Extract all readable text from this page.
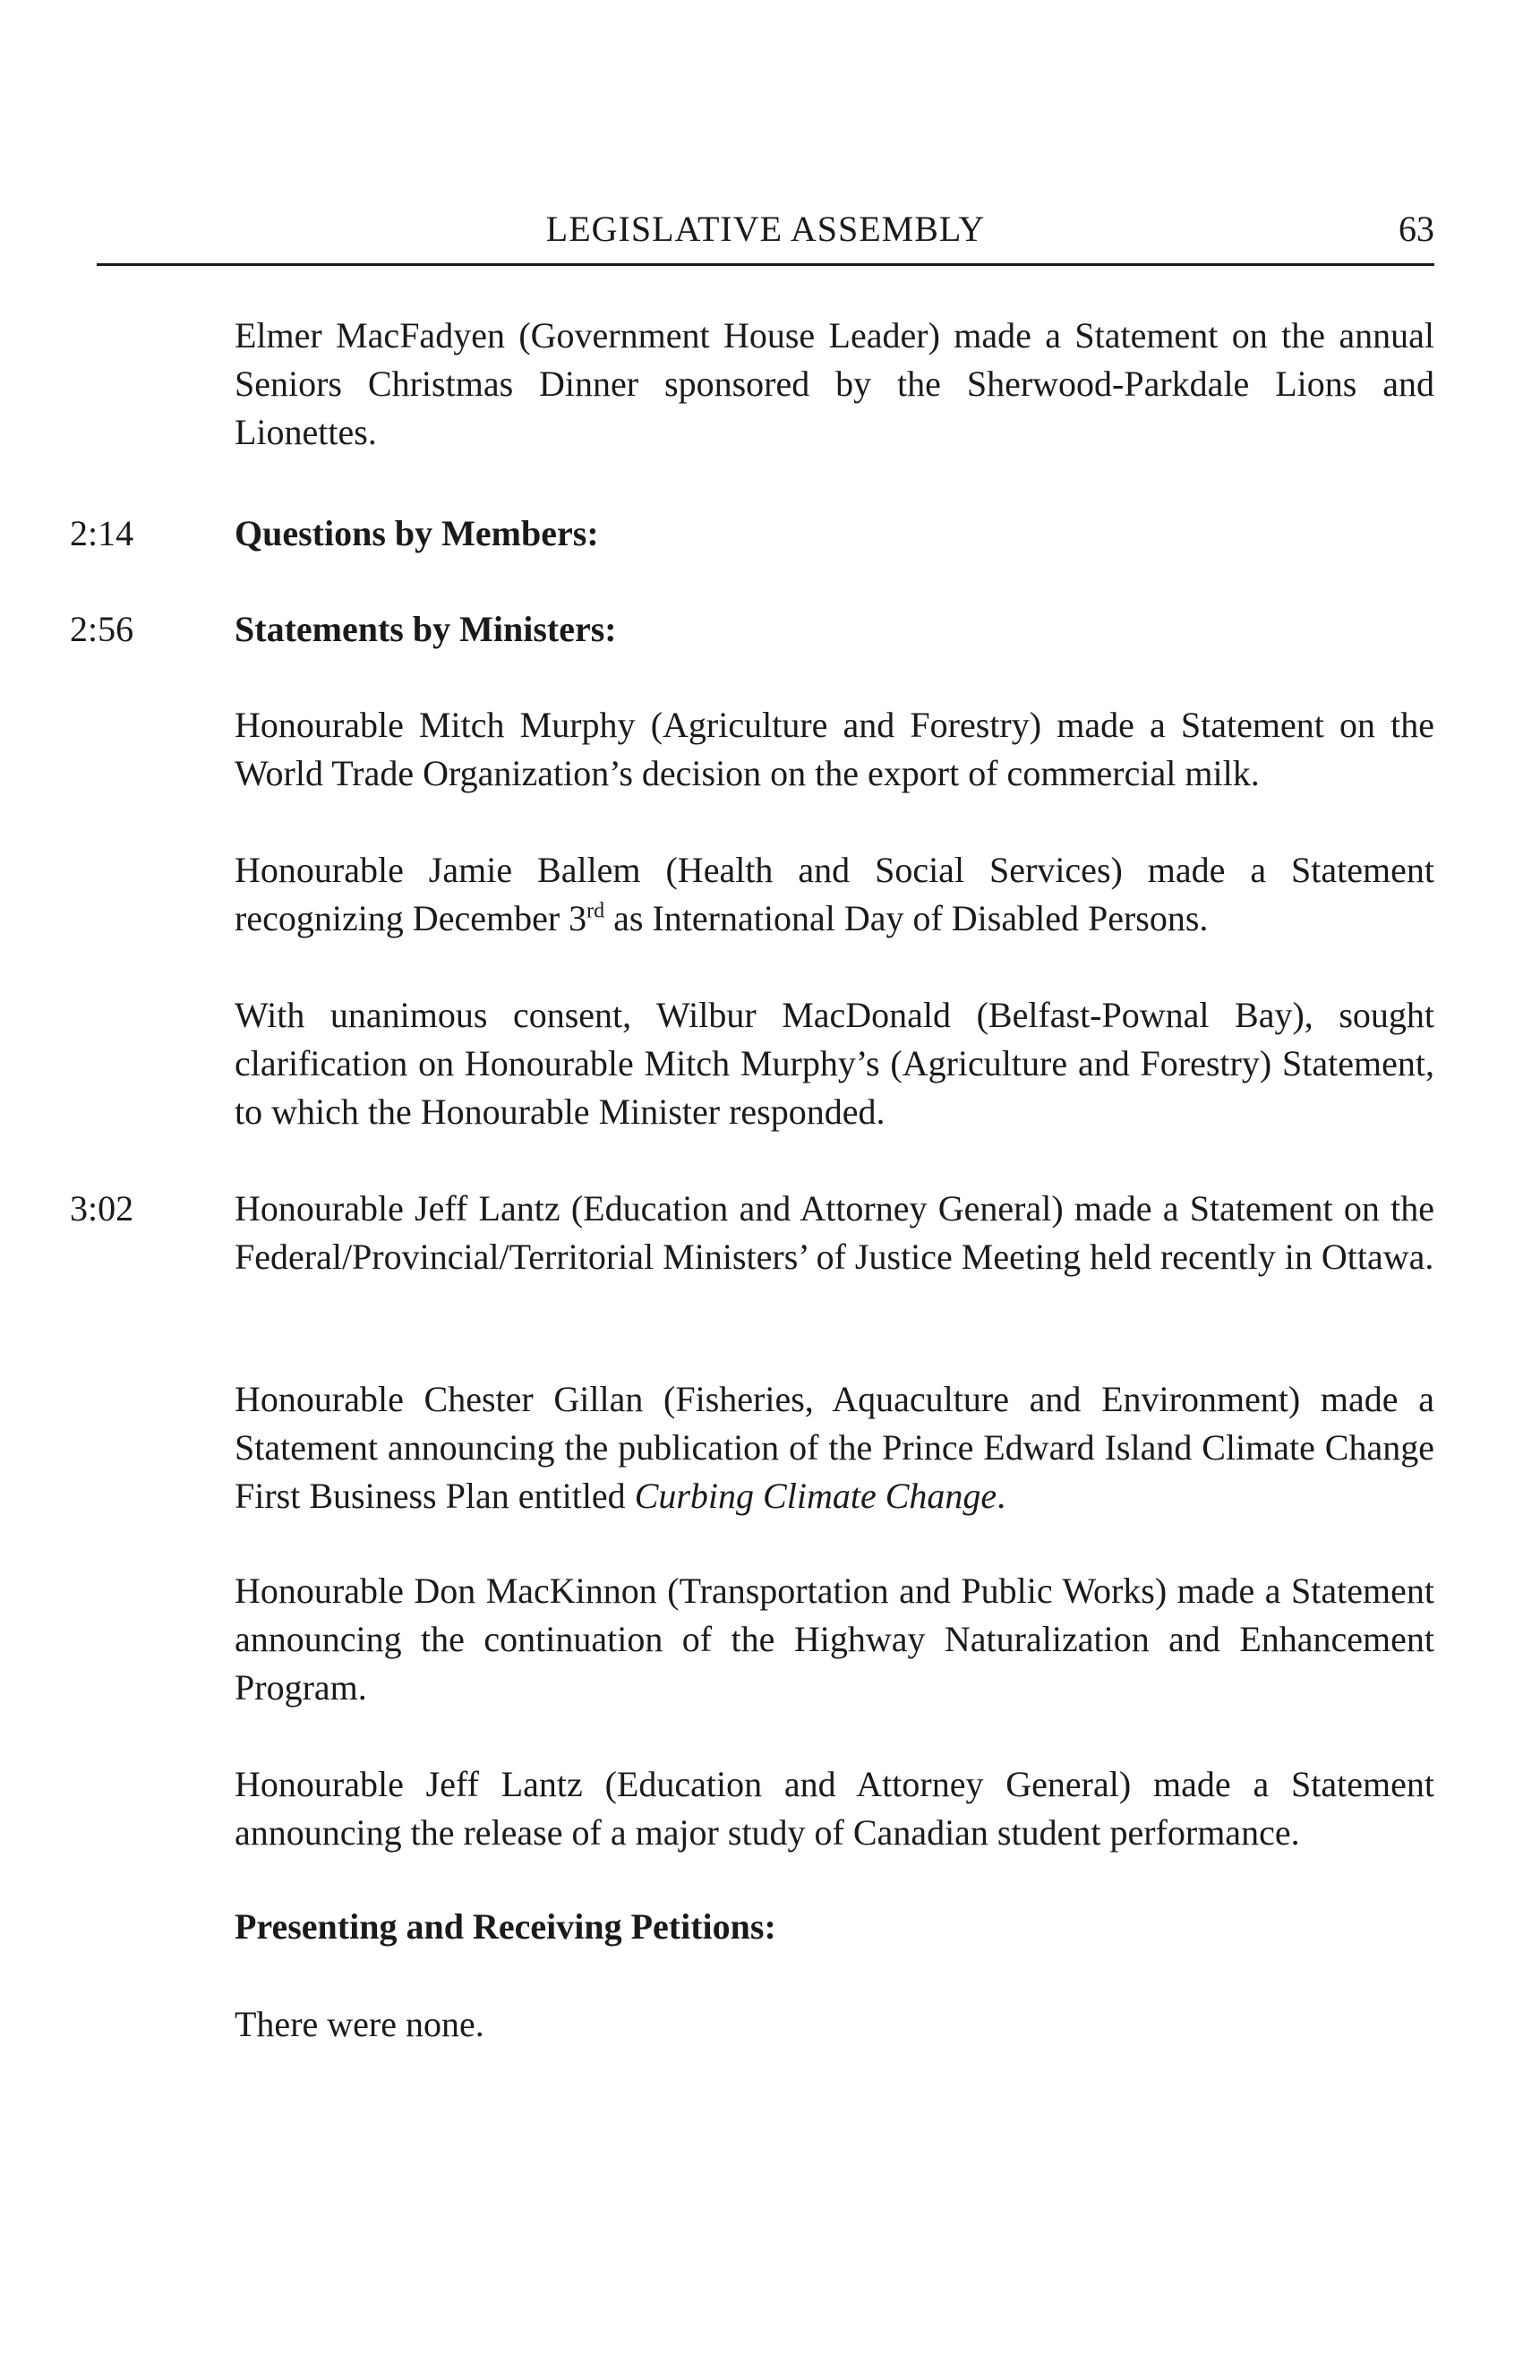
LEGISLATIVE ASSEMBLY	63
Elmer MacFadyen (Government House Leader) made a Statement on the annual Seniors Christmas Dinner sponsored by the Sherwood-Parkdale Lions and Lionettes.
2:14	Questions by Members:
2:56	Statements by Ministers:
Honourable Mitch Murphy (Agriculture and Forestry) made a Statement on the World Trade Organization’s decision on the export of commercial milk.
Honourable Jamie Ballem (Health and Social Services) made a Statement recognizing December 3rd as International Day of Disabled Persons.
With unanimous consent, Wilbur MacDonald (Belfast-Pownal Bay), sought clarification on Honourable Mitch Murphy’s (Agriculture and Forestry) Statement, to which the Honourable Minister responded.
3:02	Honourable Jeff Lantz (Education and Attorney General) made a Statement on the Federal/Provincial/Territorial Ministers’ of Justice Meeting held recently in Ottawa.
Honourable Chester Gillan (Fisheries, Aquaculture and Environment) made a Statement announcing the publication of the Prince Edward Island Climate Change First Business Plan entitled Curbing Climate Change.
Honourable Don MacKinnon (Transportation and Public Works) made a Statement announcing the continuation of the Highway Naturalization and Enhancement Program.
Honourable Jeff Lantz (Education and Attorney General) made a Statement announcing the release of a major study of Canadian student performance.
Presenting and Receiving Petitions:
There were none.
